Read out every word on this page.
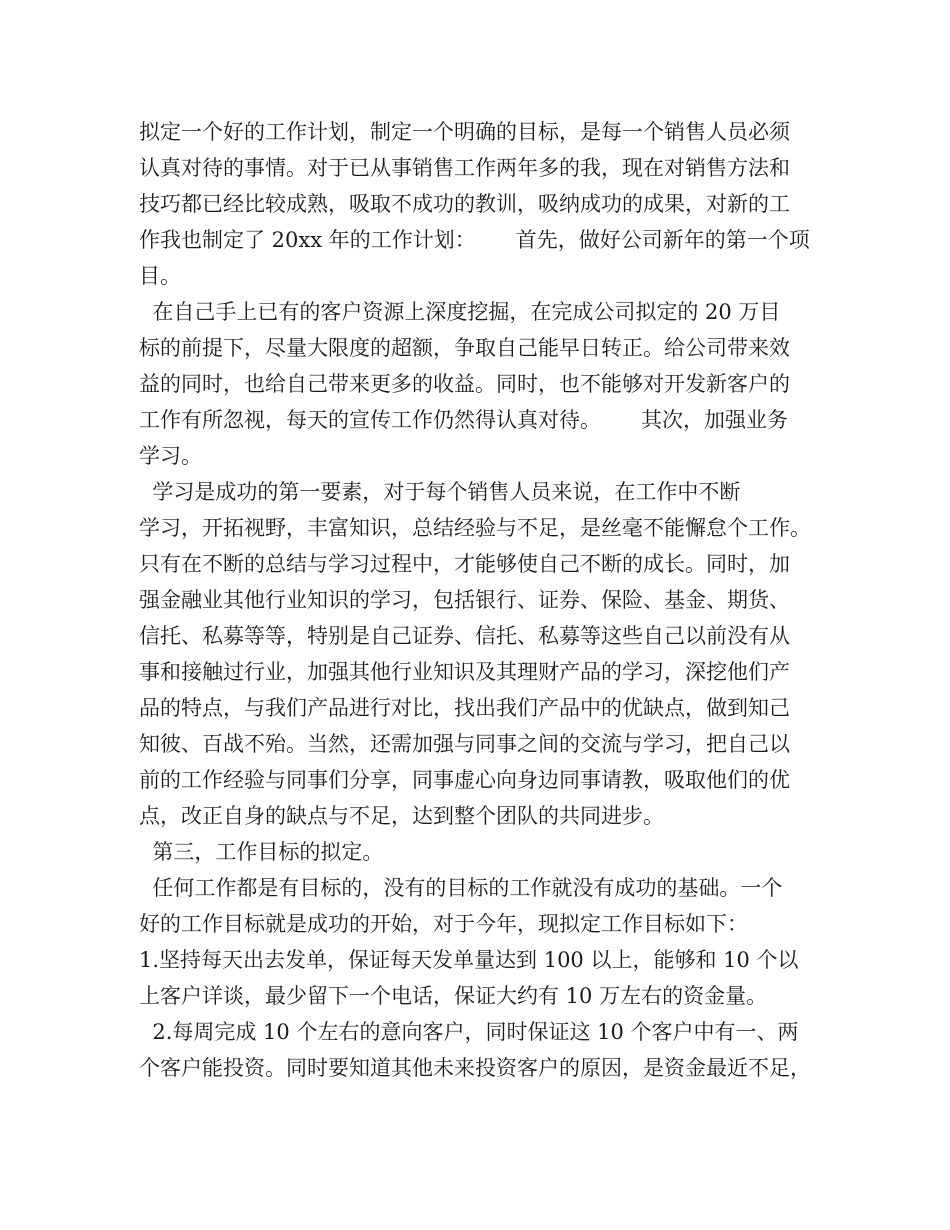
拟定一个好的工作计划，制定一个明确的目标，是每一个销售人员必须
认真对待的事情。对于已从事销售工作两年多的我，现在对销售方法和
技巧都已经比较成熟，吸取不成功的教训，吸纳成功的成果，对新的工
作我也制定了 20xx 年的工作计划：      首先，做好公司新年的第一个项
目。
在自己手上已有的客户资源上深度挖掘，在完成公司拟定的 20 万目
标的前提下，尽量大限度的超额，争取自己能早日转正。给公司带来效
益的同时，也给自己带来更多的收益。同时，也不能够对开发新客户的
工作有所忽视，每天的宣传工作仍然得认真对待。      其次，加强业务
学习。
学习是成功的第一要素，对于每个销售人员来说，在工作中不断
学习，开拓视野，丰富知识，总结经验与不足，是丝毫不能懈怠个工作。
只有在不断的总结与学习过程中，才能够使自己不断的成长。同时，加
强金融业其他行业知识的学习，包括银行、证券、保险、基金、期货、
信托、私募等等，特别是自己证券、信托、私募等这些自己以前没有从
事和接触过行业，加强其他行业知识及其理财产品的学习，深挖他们产
品的特点，与我们产品进行对比，找出我们产品中的优缺点，做到知己
知彼、百战不殆。当然，还需加强与同事之间的交流与学习，把自己以
前的工作经验与同事们分享，同事虚心向身边同事请教，吸取他们的优
点，改正自身的缺点与不足，达到整个团队的共同进步。
第三，工作目标的拟定。
任何工作都是有目标的，没有的目标的工作就没有成功的基础。一个
好的工作目标就是成功的开始，对于今年，现拟定工作目标如下：
1.坚持每天出去发单，保证每天发单量达到 100 以上，能够和 10 个以
上客户详谈，最少留下一个电话，保证大约有 10 万左右的资金量。
2.每周完成 10 个左右的意向客户，同时保证这 10 个客户中有一、两
个客户能投资。同时要知道其他未来投资客户的原因，是资金最近不足，
